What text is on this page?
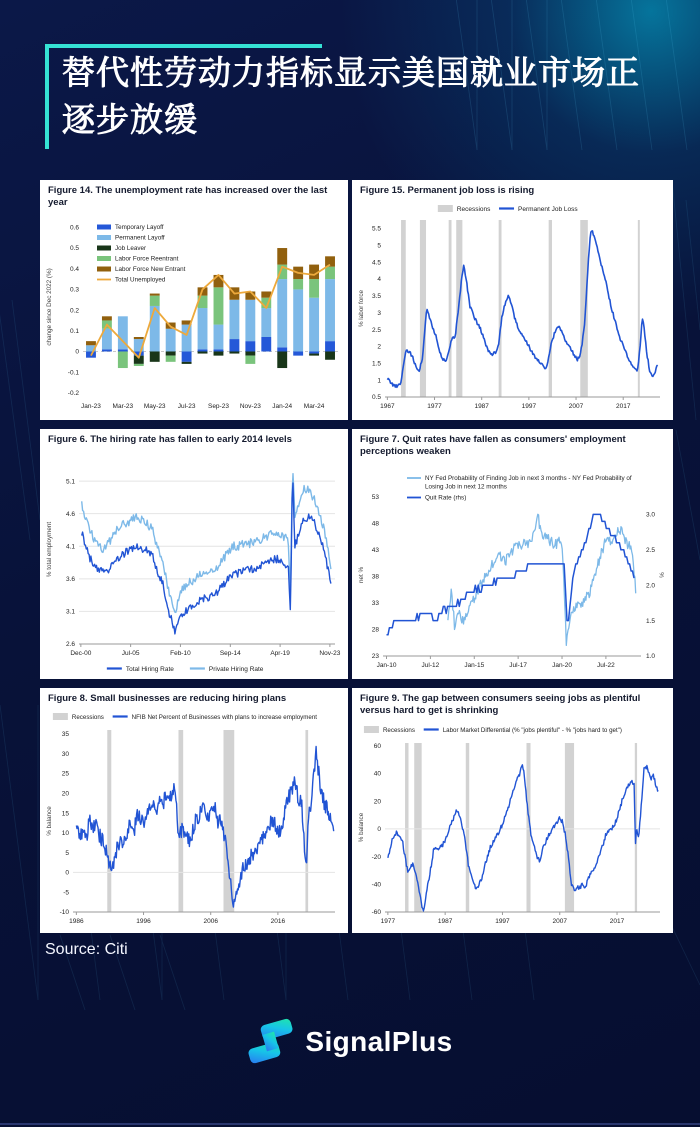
替代性劳动力指标显示美国就业市场正
逐步放缓
Figure 14. The unemployment rate has increased over the last year
-0.2
-0.1
0
0.1
0.2
0.3
0.4
0.5
0.6
Jan-23 Mar-23 May-23 Jul-23 Sep-23 Nov-23 Jan-24 Mar-24
change since Dec 2022 (%)
Temporary Layoff
Permanent Layoff
Job Leaver
Labor Force Reentrant
Labor Force New Entrant
Total Unemployed
Figure 15. Permanent job loss is rising
0.5
1
1.5
2
2.5
3
3.5
4
4.5
5
5.5
1967	1977	1987	1997	2007	2017
% labor force
Recessions	Permanent Job Loss
Figure 6. The hiring rate has fallen to early 2014 levels
2.6
3.1
3.6
4.1
4.6
5.1
Dec-00	Jul-05	Feb-10	Sep-14	Apr-19	Nov-23
% total employment
Total Hiring Rate	Private Hiring Rate
Figure 7. Quit rates have fallen as consumers' employment perceptions weaken
23
28
33
38
43
48
53
1.0
1.5
2.0
2.5
3.0
Jan-10	Jul-12	Jan-15	Jul-17	Jan-20	Jul-22
net %	%
NY Fed Probability of Finding Job in next 3 months - NY Fed Probability of
Losing Job in next 12 months
Quit Rate (rhs)
Figure 8. Small businesses are reducing hiring plans
-10
-5
0
5
10
15
20
25
30
35
1986	1996	2006	2016
% balance
Recessions	NFIB Net Percent of Businesses with plans to increase employment
Figure 9. The gap between consumers seeing jobs as plentiful versus hard to get is shrinking
-60
-40
-20
0
20
40
60
1977	1987	1997	2007	2017
% balance
Recessions	Labor Market Differential (% "jobs plentiful" - % "jobs hard to get")
Source: Citi
SignalPlus
